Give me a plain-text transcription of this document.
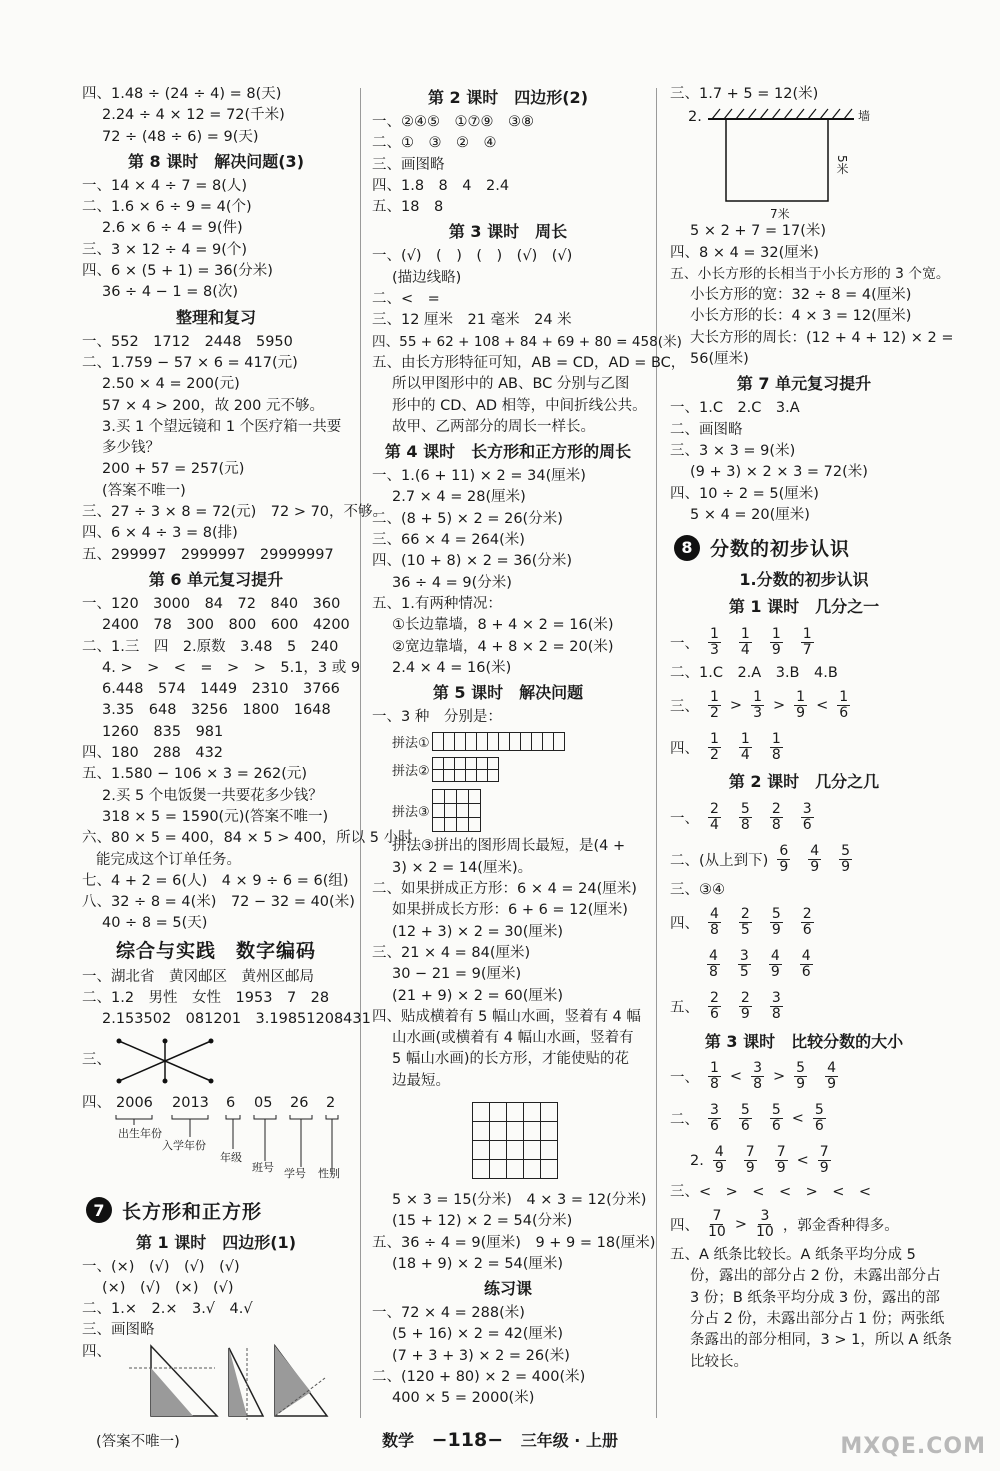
四、1.48 ÷ (24 ÷ 4) = 8(天)
2.24 ÷ 4 × 12 = 72(千米)
72 ÷ (48 ÷ 6) = 9(天)
第 8 课时　解决问题(3)
一、14 × 4 ÷ 7 = 8(人)
二、1.6 × 6 ÷ 9 = 4(个)
2.6 × 6 ÷ 4 = 9(件)
三、3 × 12 ÷ 4 = 9(个)
四、6 × (5 + 1) = 36(分米)
36 ÷ 4 − 1 = 8(次)
整理和复习
一、552　1712　2448　5950
二、1.759 − 57 × 6 = 417(元)
2.50 × 4 = 200(元)
57 × 4 > 200，故 200 元不够。
3.买 1 个望远镜和 1 个医疗箱一共要
多少钱？
200 + 57 = 257(元)
(答案不唯一)
三、27 ÷ 3 × 8 = 72(元)　72 > 70，不够。
四、6 × 4 ÷ 3 = 8(排)
五、299997　2999997　29999997
第 6 单元复习提升
一、120　3000　84　72　840　360
2400　78　300　800　600　4200
二、1.三　四　2.原数　3.48　5　240
4. >　>　<　=　>　>　5.1，3 或 9
6.448　574　1449　2310　3766
3.35　648　3256　1800　1648
1260　835　981
四、180　288　432
五、1.580 − 106 × 3 = 262(元)
2.买 5 个电饭煲一共要花多少钱？
318 × 5 = 1590(元)(答案不唯一)
六、80 × 5 = 400，84 × 5 > 400，所以 5 小时
能完成这个订单任务。
七、4 + 2 = 6(人)　4 × 9 ÷ 6 = 6(组)
八、32 ÷ 8 = 4(米)　72 − 32 = 40(米)
40 ÷ 8 = 5(天)
综合与实践　数字编码
一、湖北省　黄冈邮区　黄州区邮局
二、1.2　男性　女性　1953　7　28
2.153502　081201　3.19851208431
三、
四、 2006 2013 6 05 26 2
出生年份
入学年份
年级
班号 学号 性别
7 长方形和正方形
第 1 课时　四边形(1)
一、(×)　(√)　(√)　(√)
(×)　(√)　(×)　(√)
二、1.×　2.×　3.√　4.√
三、画图略
四、
(答案不唯一)
第 2 课时　四边形(2)
一、②④⑤　①⑦⑨　③⑧
二、①　③　②　④
三、画图略
四、1.8　8　4　2.4
五、18　8
第 3 课时　周长
一、(√)　(　)　(　)　(√)　(√)
(描边线略)
二、<　=
三、12 厘米　21 毫米　24 米
四、55 + 62 + 108 + 84 + 69 + 80 = 458(米)
五、由长方形特征可知，AB = CD，AD = BC，
所以甲图形中的 AB、BC 分别与乙图
形中的 CD、AD 相等，中间折线公共。
故甲、乙两部分的周长一样长。
第 4 课时　长方形和正方形的周长
一、1.(6 + 11) × 2 = 34(厘米)
2.7 × 4 = 28(厘米)
二、(8 + 5) × 2 = 26(分米)
三、66 × 4 = 264(米)
四、(10 + 8) × 2 = 36(分米)
36 ÷ 4 = 9(分米)
五、1.有两种情况：
①长边靠墙，8 + 4 × 2 = 16(米)
②宽边靠墙，4 + 8 × 2 = 20(米)
2.4 × 4 = 16(米)
第 5 课时　解决问题
一、3 种　分别是：
拼法①
拼法②
拼法③
拼法③拼出的图形周长最短，是(4 +
3) × 2 = 14(厘米)。
二、如果拼成正方形：6 × 4 = 24(厘米)
如果拼成长方形：6 + 6 = 12(厘米)
(12 + 3) × 2 = 30(厘米)
三、21 × 4 = 84(厘米)
30 − 21 = 9(厘米)
(21 + 9) × 2 = 60(厘米)
四、贴成横着有 5 幅山水画，竖着有 4 幅
山水画(或横着有 4 幅山水画，竖着有
5 幅山水画)的长方形，才能使贴的花
边最短。
5 × 3 = 15(分米)　4 × 3 = 12(分米)
(15 + 12) × 2 = 54(分米)
五、36 ÷ 4 = 9(厘米)　9 + 9 = 18(厘米)
(18 + 9) × 2 = 54(厘米)
练习课
一、72 × 4 = 288(米)
(5 + 16) × 2 = 42(厘米)
(7 + 3 + 3) × 2 = 26(米)
二、(120 + 80) × 2 = 400(米)
400 × 5 = 2000(米)
三、1.7 + 5 = 12(米)
2.	墙
5米
7米
5 × 2 + 7 = 17(米)
四、8 × 4 = 32(厘米)
五、小长方形的长相当于小长方形的 3 个宽。
小长方形的宽：32 ÷ 8 = 4(厘米)
小长方形的长：4 × 3 = 12(厘米)
大长方形的周长：(12 + 4 + 12) × 2 =
56(厘米)
第 7 单元复习提升
一、1.C　2.C　3.A
二、画图略
三、3 × 3 = 9(米)
(9 + 3) × 2 × 3 = 72(米)
四、10 ÷ 2 = 5(厘米)
5 × 4 = 20(厘米)
8 分数的初步认识
1.分数的初步认识
第 1 课时　几分之一
一、 $\frac{1}{3} \frac{1}{4} \frac{1}{9} \frac{1}{7}$
二、1.C　2.A　3.B　4.B
三、 $\frac{1}{2} > \frac{1}{3} > \frac{1}{9} < \frac{1}{6}$
四、 $\frac{1}{2} \frac{1}{4} \frac{1}{8}$
第 2 课时　几分之几
一、 $\frac{2}{4} \frac{5}{8} \frac{2}{8} \frac{3}{6}$
二、(从上到下) $\frac{6}{9} \frac{4}{9} \frac{5}{9}$
三、③④
四、 $\frac{4}{8} \frac{2}{5} \frac{5}{9} \frac{2}{6}$
$\frac{4}{8} \frac{3}{5} \frac{4}{9} \frac{4}{6}$
五、 $\frac{2}{6} \frac{2}{9} \frac{3}{8}$
第 3 课时　比较分数的大小
一、 $\frac{1}{8} < \frac{3}{8} > \frac{5}{9} \frac{4}{9}$
二、 $\frac{3}{6} \frac{5}{6} \frac{5}{6} < \frac{5}{6}$
2. $\frac{4}{9} \frac{7}{9} \frac{7}{9} < \frac{7}{9}$
三、<　>　<　<　>　<　<
四、 $\frac{7}{10} > \frac{3}{10}$ ，郭金香种得多。
五、A 纸条比较长。A 纸条平均分成 5
份，露出的部分占 2 份，未露出部分占
3 份；B 纸条平均分成 3 份，露出的部
分占 2 份，未露出部分占 1 份；两张纸
条露出的部分相同，3 > 1，所以 A 纸条
比较长。
数学 −118− 三年级 · 上册	MXQE.COM
